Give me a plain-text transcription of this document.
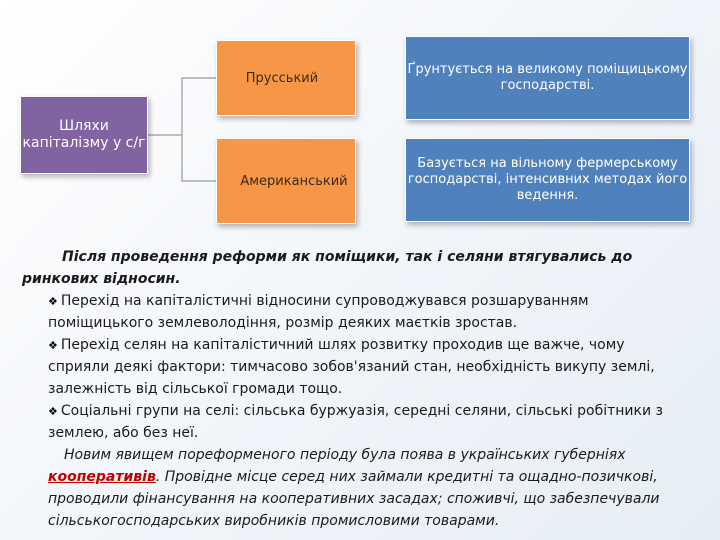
Шляхи капіталізму у с/г
Прусський
Американський
Ґрунтується на великому поміщицькому господарстві.
Базується на вільному фермерському господарстві, інтенсивних методах його ведення.
Після проведення реформи як поміщики, так і селяни втягувались до
ринкових відносин.
❖ Перехід на капіталістичні відносини супроводжувався розшаруванням
поміщицького землеволодіння, розмір деяких маєтків зростав.
❖ Перехід селян на капіталістичний шлях розвитку проходив ще важче, чому
сприяли деякі фактори: тимчасово зобов'язаний стан, необхідність викупу землі,
залежність від сільської громади тощо.
❖ Соціальні групи на селі: сільська буржуазія, середні селяни, сільські робітники з
землею, або без неї.
Новим явищем пореформеного періоду була поява в українських губерніях
кооперативів. Провідне місце серед них займали кредитні та ощадно-позичкові,
проводили фінансування на кооперативних засадах; споживчі, що забезпечували
сільськогосподарських виробників промисловими товарами.
